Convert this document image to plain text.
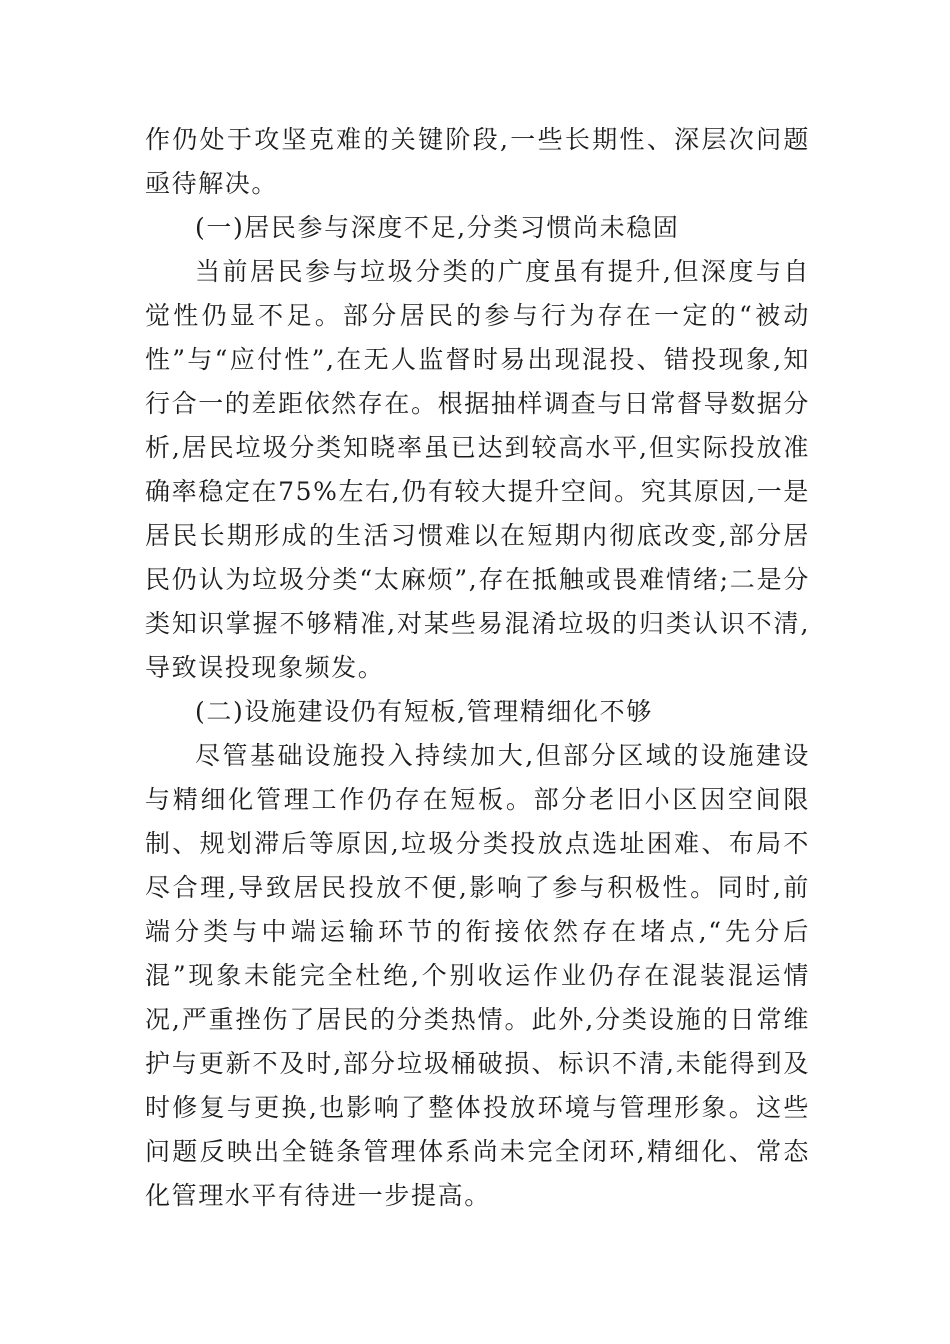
作仍处于攻坚克难的关键阶段,一些长期性、深层次问题亟待解决。

(一)居民参与深度不足,分类习惯尚未稳固

当前居民参与垃圾分类的广度虽有提升,但深度与自觉性仍显不足。部分居民的参与行为存在一定的“被动性”与“应付性”,在无人监督时易出现混投、错投现象,知行合一的差距依然存在。根据抽样调查与日常督导数据分析,居民垃圾分类知晓率虽已达到较高水平,但实际投放准确率稳定在75%左右,仍有较大提升空间。究其原因,一是居民长期形成的生活习惯难以在短期内彻底改变,部分居民仍认为垃圾分类“太麻烦”,存在抵触或畏难情绪;二是分类知识掌握不够精准,对某些易混淆垃圾的归类认识不清,导致误投现象频发。

(二)设施建设仍有短板,管理精细化不够

尽管基础设施投入持续加大,但部分区域的设施建设与精细化管理工作仍存在短板。部分老旧小区因空间限制、规划滞后等原因,垃圾分类投放点选址困难、布局不尽合理,导致居民投放不便,影响了参与积极性。同时,前端分类与中端运输环节的衔接依然存在堵点,“先分后混”现象未能完全杜绝,个别收运作业仍存在混装混运情况,严重挫伤了居民的分类热情。此外,分类设施的日常维护与更新不及时,部分垃圾桶破损、标识不清,未能得到及时修复与更换,也影响了整体投放环境与管理形象。这些问题反映出全链条管理体系尚未完全闭环,精细化、常态化管理水平有待进一步提高。
